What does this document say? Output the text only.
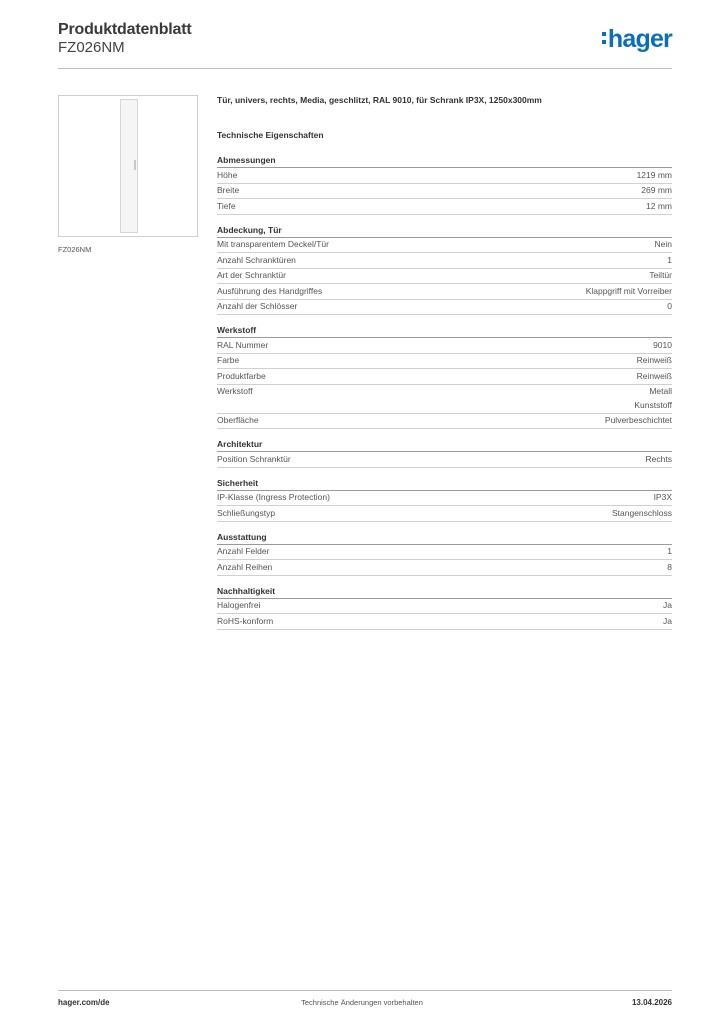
Produktdatenblatt
FZ026NM	hager
FZ026NM
Tür, univers, rechts, Media, geschlitzt, RAL 9010, für Schrank IP3X, 1250x300mm
Technische Eigenschaften
Abmessungen
Höhe	1219 mm
Breite	269 mm
Tiefe	12 mm
Abdeckung, Tür
Mit transparentem Deckel/Tür	Nein
Anzahl Schranktüren	1
Art der Schranktür	Teiltür
Ausführung des Handgriffes	Klappgriff mit Vorreiber
Anzahl der Schlösser	0
Werkstoff
RAL Nummer	9010
Farbe	Reinweiß
Produktfarbe	Reinweiß
Werkstoff	Metall
Kunststoff
Oberfläche	Pulverbeschichtet
Architektur
Position Schranktür	Rechts
Sicherheit
IP-Klasse (Ingress Protection)	IP3X
Schließungstyp	Stangenschloss
Ausstattung
Anzahl Felder	1
Anzahl Reihen	8
Nachhaltigkeit
Halogenfrei	Ja
RoHS-konform	Ja
hager.com/de	Technische Änderungen vorbehalten	13.04.2026
